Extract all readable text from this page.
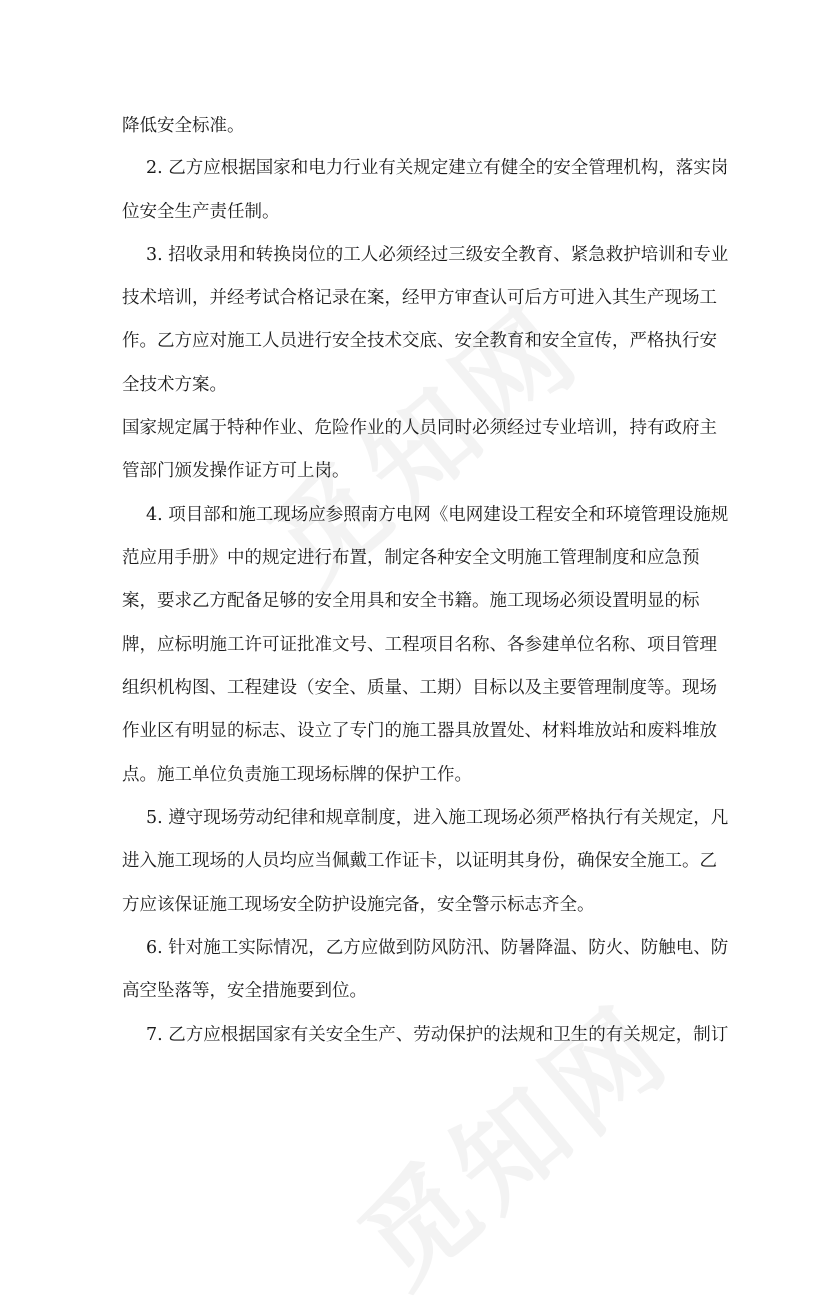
降低安全标准。
2. 乙方应根据国家和电力行业有关规定建立有健全的安全管理机构，落实岗
位安全生产责任制。
3. 招收录用和转换岗位的工人必须经过三级安全教育、紧急救护培训和专业
技术培训，并经考试合格记录在案，经甲方审查认可后方可进入其生产现场工
作。乙方应对施工人员进行安全技术交底、安全教育和安全宣传，严格执行安
全技术方案。
国家规定属于特种作业、危险作业的人员同时必须经过专业培训，持有政府主
管部门颁发操作证方可上岗。
4. 项目部和施工现场应参照南方电网《电网建设工程安全和环境管理设施规
范应用手册》中的规定进行布置，制定各种安全文明施工管理制度和应急预
案，要求乙方配备足够的安全用具和安全书籍。施工现场必须设置明显的标
牌，应标明施工许可证批准文号、工程项目名称、各参建单位名称、项目管理
组织机构图、工程建设（安全、质量、工期）目标以及主要管理制度等。现场
作业区有明显的标志、设立了专门的施工器具放置处、材料堆放站和废料堆放
点。施工单位负责施工现场标牌的保护工作。
5. 遵守现场劳动纪律和规章制度，进入施工现场必须严格执行有关规定，凡
进入施工现场的人员均应当佩戴工作证卡，以证明其身份，确保安全施工。乙
方应该保证施工现场安全防护设施完备，安全警示标志齐全。
6. 针对施工实际情况，乙方应做到防风防汛、防暑降温、防火、防触电、防
高空坠落等，安全措施要到位。
7. 乙方应根据国家有关安全生产、劳动保护的法规和卫生的有关规定，制订
